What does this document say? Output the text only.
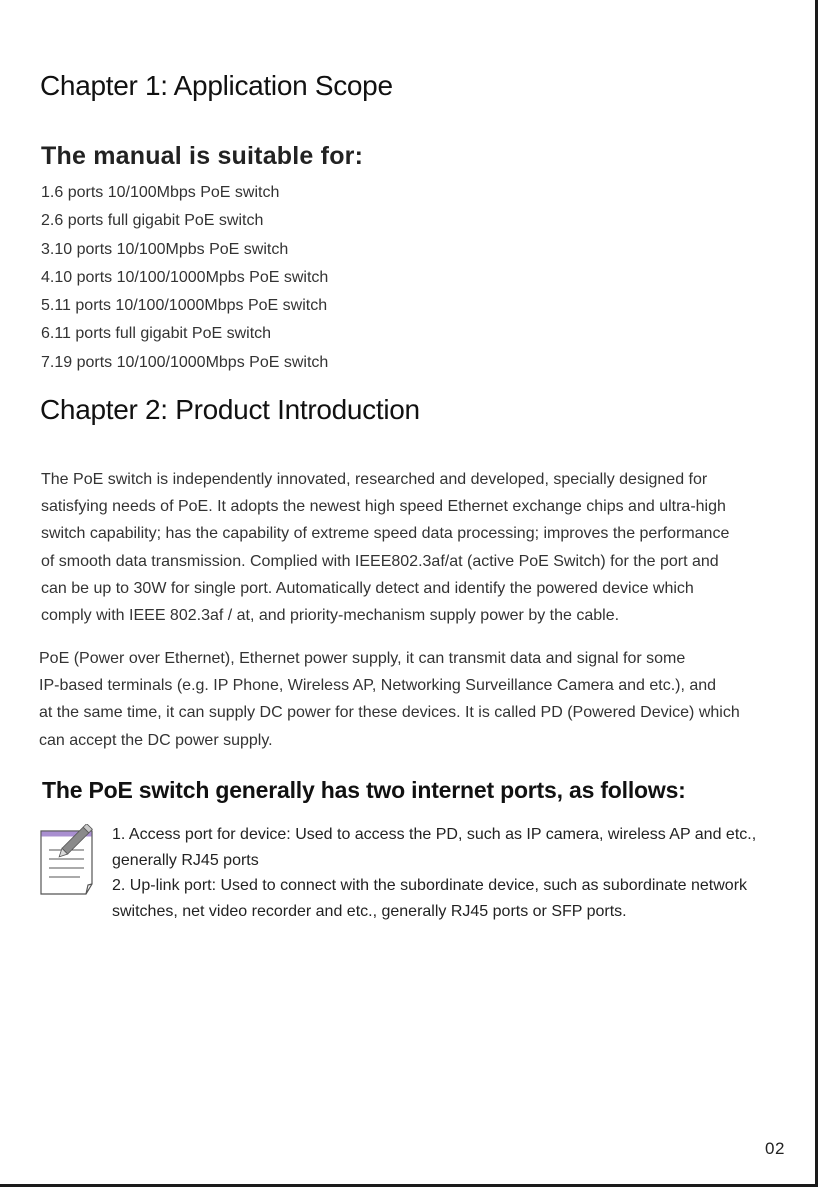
Chapter 1: Application Scope
The manual is suitable for:
1.6 ports 10/100Mbps PoE switch
2.6 ports full gigabit PoE switch
3.10 ports 10/100Mpbs PoE switch
4.10 ports 10/100/1000Mpbs PoE switch
5.11 ports 10/100/1000Mbps PoE switch
6.11 ports full gigabit PoE switch
7.19 ports 10/100/1000Mbps PoE switch
Chapter 2: Product Introduction

The PoE switch is independently innovated, researched and developed, specially designed for
satisfying needs of PoE. It adopts the newest high speed Ethernet exchange chips and ultra-high
switch capability; has the capability of extreme speed data processing; improves the performance
of smooth data transmission. Complied with IEEE802.3af/at (active PoE Switch) for the port and
can be up to 30W for single port. Automatically detect and identify the powered device which
comply with IEEE 802.3af / at, and priority-mechanism supply power by the cable.

PoE (Power over Ethernet), Ethernet power supply, it can transmit data and signal for some
IP-based terminals (e.g. IP Phone, Wireless AP, Networking Surveillance Camera and etc.), and
at the same time, it can supply DC power for these devices. It is called PD (Powered Device) which
can accept the DC power supply.

The PoE switch generally has two internet ports, as follows:

1. Access port for device: Used to access the PD, such as IP camera, wireless AP and etc.,
generally RJ45 ports
2. Up-link port: Used to connect with the subordinate device, such as subordinate network
switches, net video recorder and etc., generally RJ45 ports or SFP ports.

02
